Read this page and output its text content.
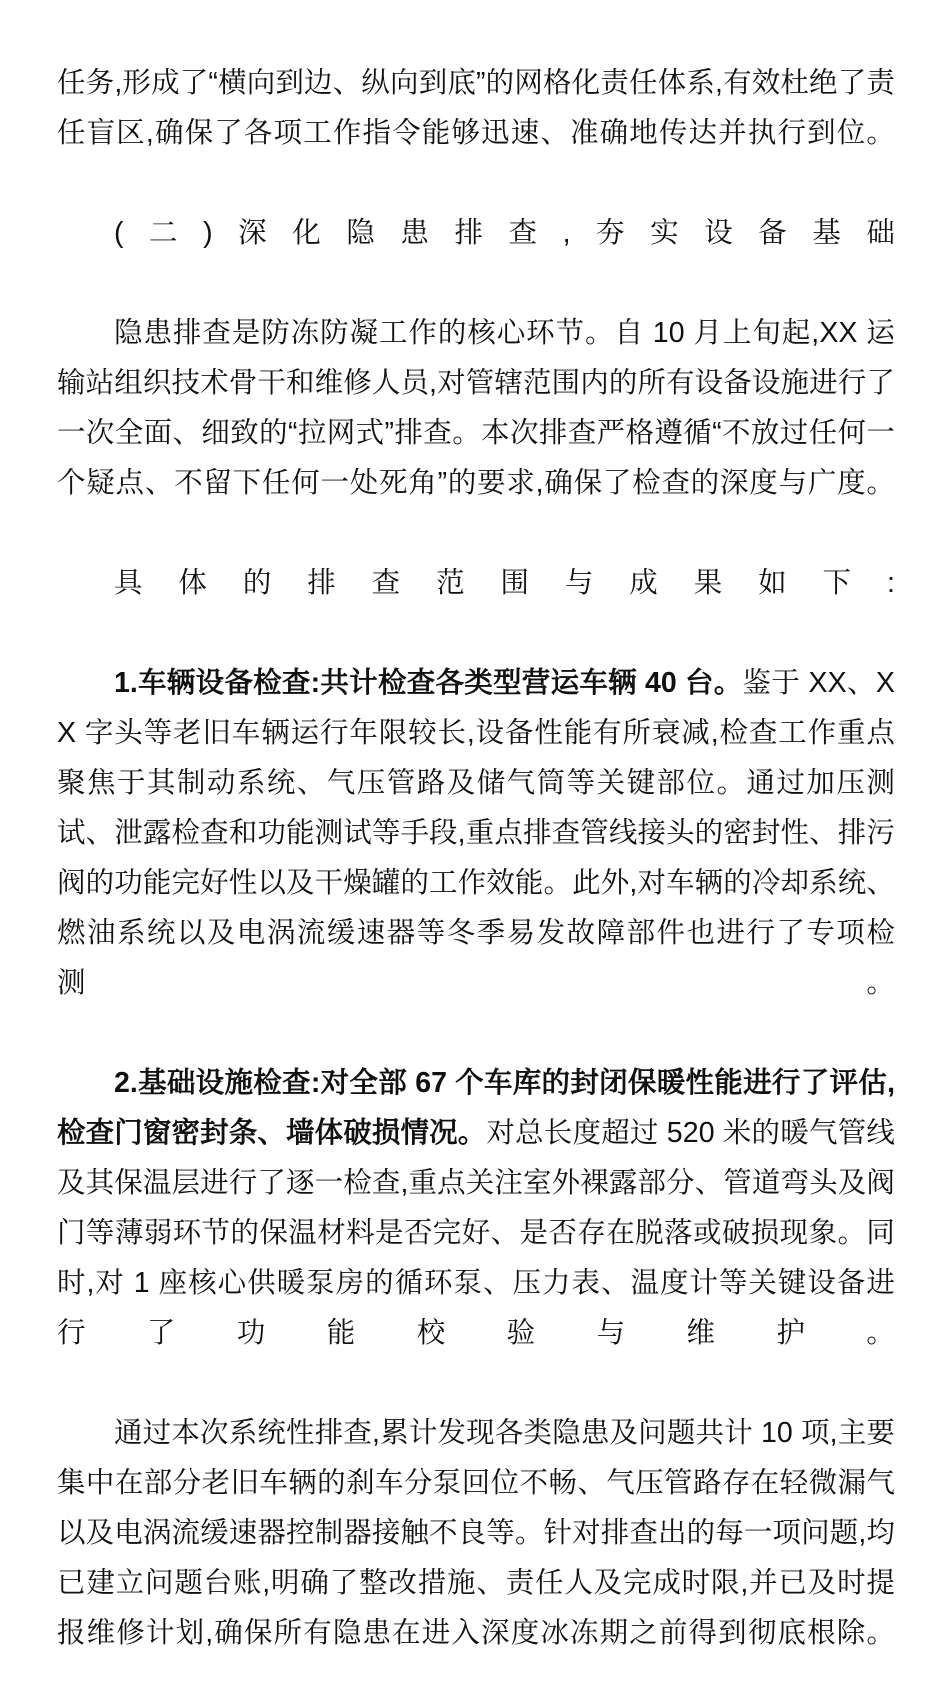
任务,形成了“横向到边、纵向到底”的网格化责任体系,有效杜绝了责任盲区,确保了各项工作指令能够迅速、准确地传达并执行到位。

(二)深化隐患排查,夯实设备基础

隐患排查是防冻防凝工作的核心环节。自 10 月上旬起,XX 运输站组织技术骨干和维修人员,对管辖范围内的所有设备设施进行了一次全面、细致的“拉网式”排查。本次排查严格遵循“不放过任何一个疑点、不留下任何一处死角”的要求,确保了检查的深度与广度。

具体的排查范围与成果如下:

1.车辆设备检查:共计检查各类型营运车辆 40 台。鉴于 XX、XX 字头等老旧车辆运行年限较长,设备性能有所衰减,检查工作重点聚焦于其制动系统、气压管路及储气筒等关键部位。通过加压测试、泄露检查和功能测试等手段,重点排查管线接头的密封性、排污阀的功能完好性以及干燥罐的工作效能。此外,对车辆的冷却系统、燃油系统以及电涡流缓速器等冬季易发故障部件也进行了专项检测。

2.基础设施检查:对全部 67 个车库的封闭保暖性能进行了评估,检查门窗密封条、墙体破损情况。对总长度超过 520 米的暖气管线及其保温层进行了逐一检查,重点关注室外裸露部分、管道弯头及阀门等薄弱环节的保温材料是否完好、是否存在脱落或破损现象。同时,对 1 座核心供暖泵房的循环泵、压力表、温度计等关键设备进行了功能校验与维护。

通过本次系统性排查,累计发现各类隐患及问题共计 10 项,主要集中在部分老旧车辆的刹车分泵回位不畅、气压管路存在轻微漏气以及电涡流缓速器控制器接触不良等。针对排查出的每一项问题,均已建立问题台账,明确了整改措施、责任人及完成时限,并已及时提报维修计划,确保所有隐患在进入深度冰冻期之前得到彻底根除。
